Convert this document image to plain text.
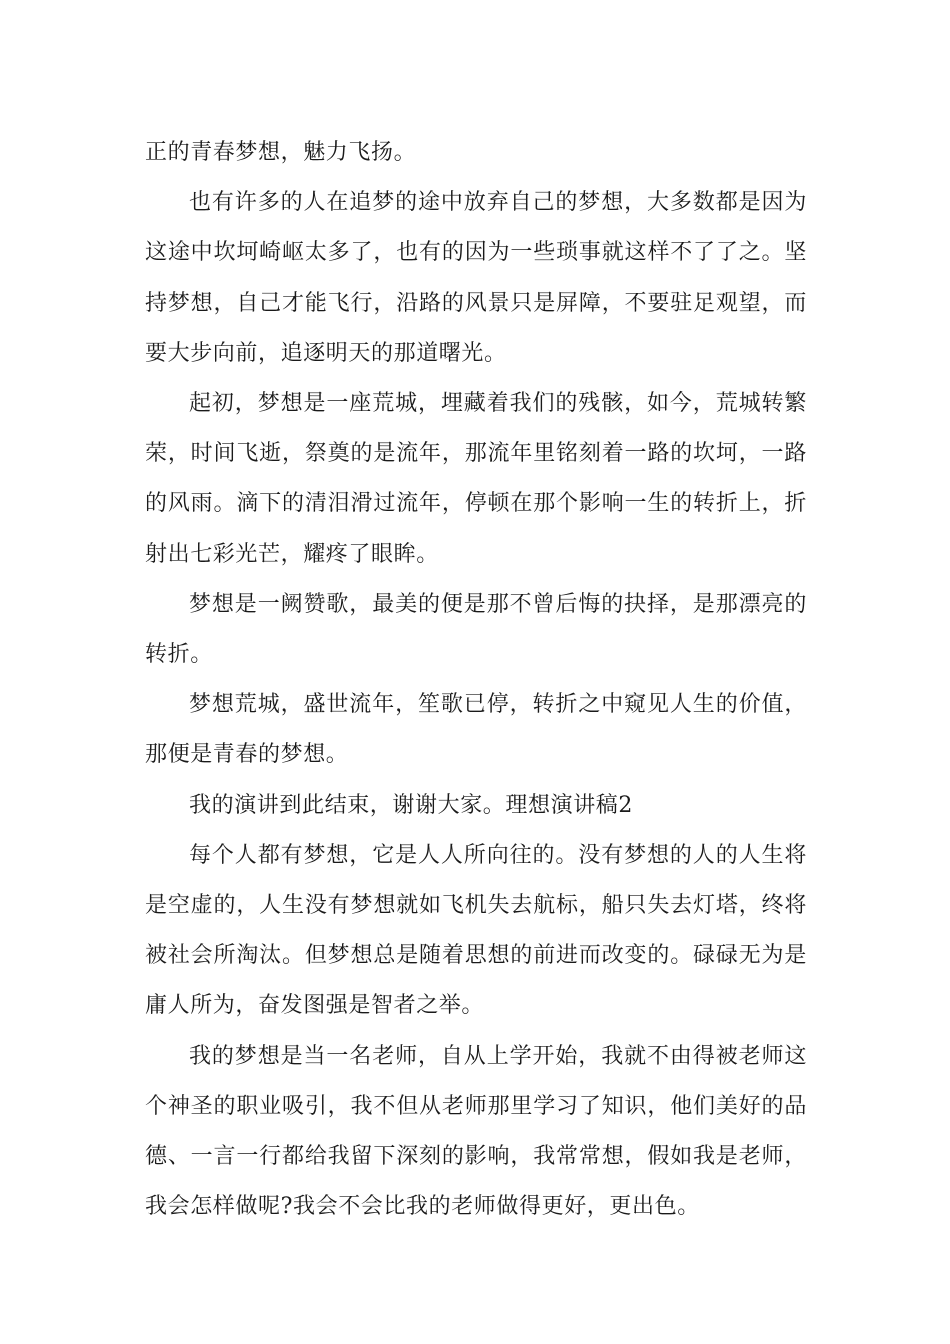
正的青春梦想，魅力飞扬。

也有许多的人在追梦的途中放弃自己的梦想，大多数都是因为这途中坎坷崎岖太多了，也有的因为一些琐事就这样不了了之。坚持梦想，自己才能飞行，沿路的风景只是屏障，不要驻足观望，而要大步向前，追逐明天的那道曙光。

起初，梦想是一座荒城，埋藏着我们的残骸，如今，荒城转繁荣，时间飞逝，祭奠的是流年，那流年里铭刻着一路的坎坷，一路的风雨。滴下的清泪滑过流年，停顿在那个影响一生的转折上，折射出七彩光芒，耀疼了眼眸。

梦想是一阙赞歌，最美的便是那不曾后悔的抉择，是那漂亮的转折。

梦想荒城，盛世流年，笙歌已停，转折之中窥见人生的价值，那便是青春的梦想。

我的演讲到此结束，谢谢大家。理想演讲稿2

每个人都有梦想，它是人人所向往的。没有梦想的人的人生将是空虚的，人生没有梦想就如飞机失去航标，船只失去灯塔，终将被社会所淘汰。但梦想总是随着思想的前进而改变的。碌碌无为是庸人所为，奋发图强是智者之举。

我的梦想是当一名老师，自从上学开始，我就不由得被老师这个神圣的职业吸引，我不但从老师那里学习了知识，他们美好的品德、一言一行都给我留下深刻的影响，我常常想，假如我是老师，我会怎样做呢?我会不会比我的老师做得更好，更出色。
